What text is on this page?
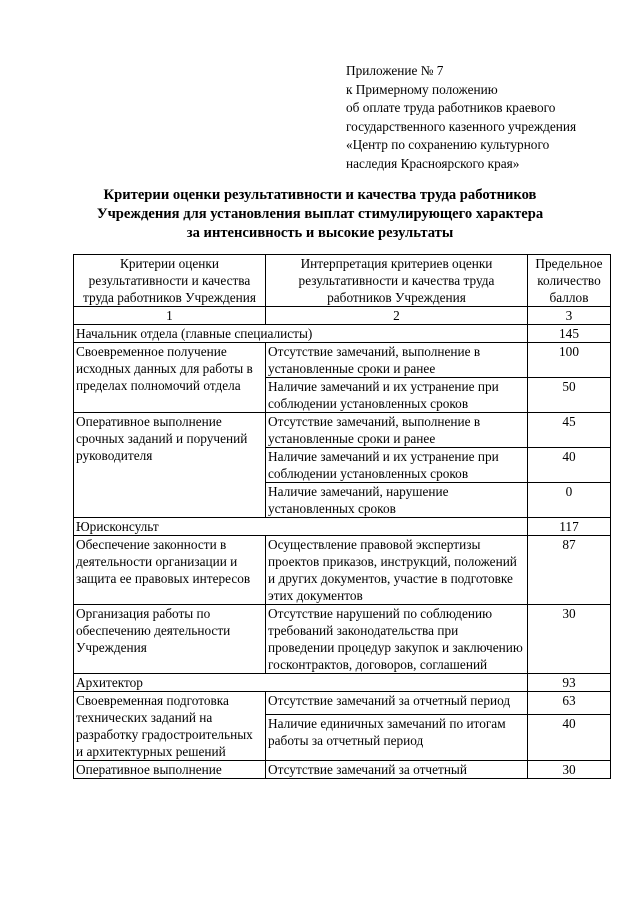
Приложение № 7
к Примерному положению
об оплате труда работников краевого
государственного казенного учреждения
«Центр по сохранению культурного
наследия Красноярского края»
Критерии оценки результативности и качества труда работников
Учреждения для установления выплат стимулирующего характера
за интенсивность и высокие результаты
Критерии оценки результативности и качества труда работников Учреждения	Интерпретация критериев оценки результативности и качества труда работников Учреждения	Предельное количество баллов
1	2	3
Начальник отдела (главные специалисты)		145
Своевременное получение исходных данных для работы в пределах полномочий отдела	Отсутствие замечаний, выполнение в установленные сроки и ранее	100
	Наличие замечаний и их устранение при соблюдении установленных сроков	50
Оперативное выполнение срочных заданий и поручений руководителя	Отсутствие замечаний, выполнение в установленные сроки и ранее	45
	Наличие замечаний и их устранение при соблюдении установленных сроков	40
	Наличие замечаний, нарушение установленных сроков	0
Юрисконсульт		117
Обеспечение законности в деятельности организации и защита ее правовых интересов	Осуществление правовой экспертизы проектов приказов, инструкций, положений и других документов, участие в подготовке этих документов	87
Организация работы по обеспечению деятельности Учреждения	Отсутствие нарушений по соблюдению требований законодательства при проведении процедур закупок и заключению госконтрактов, договоров, соглашений	30
Архитектор		93
Своевременная подготовка технических заданий на разработку градостроительных и архитектурных решений	Отсутствие замечаний за отчетный период	63
	Наличие единичных замечаний по итогам работы за отчетный период	40
Оперативное выполнение	Отсутствие замечаний за отчетный	30
